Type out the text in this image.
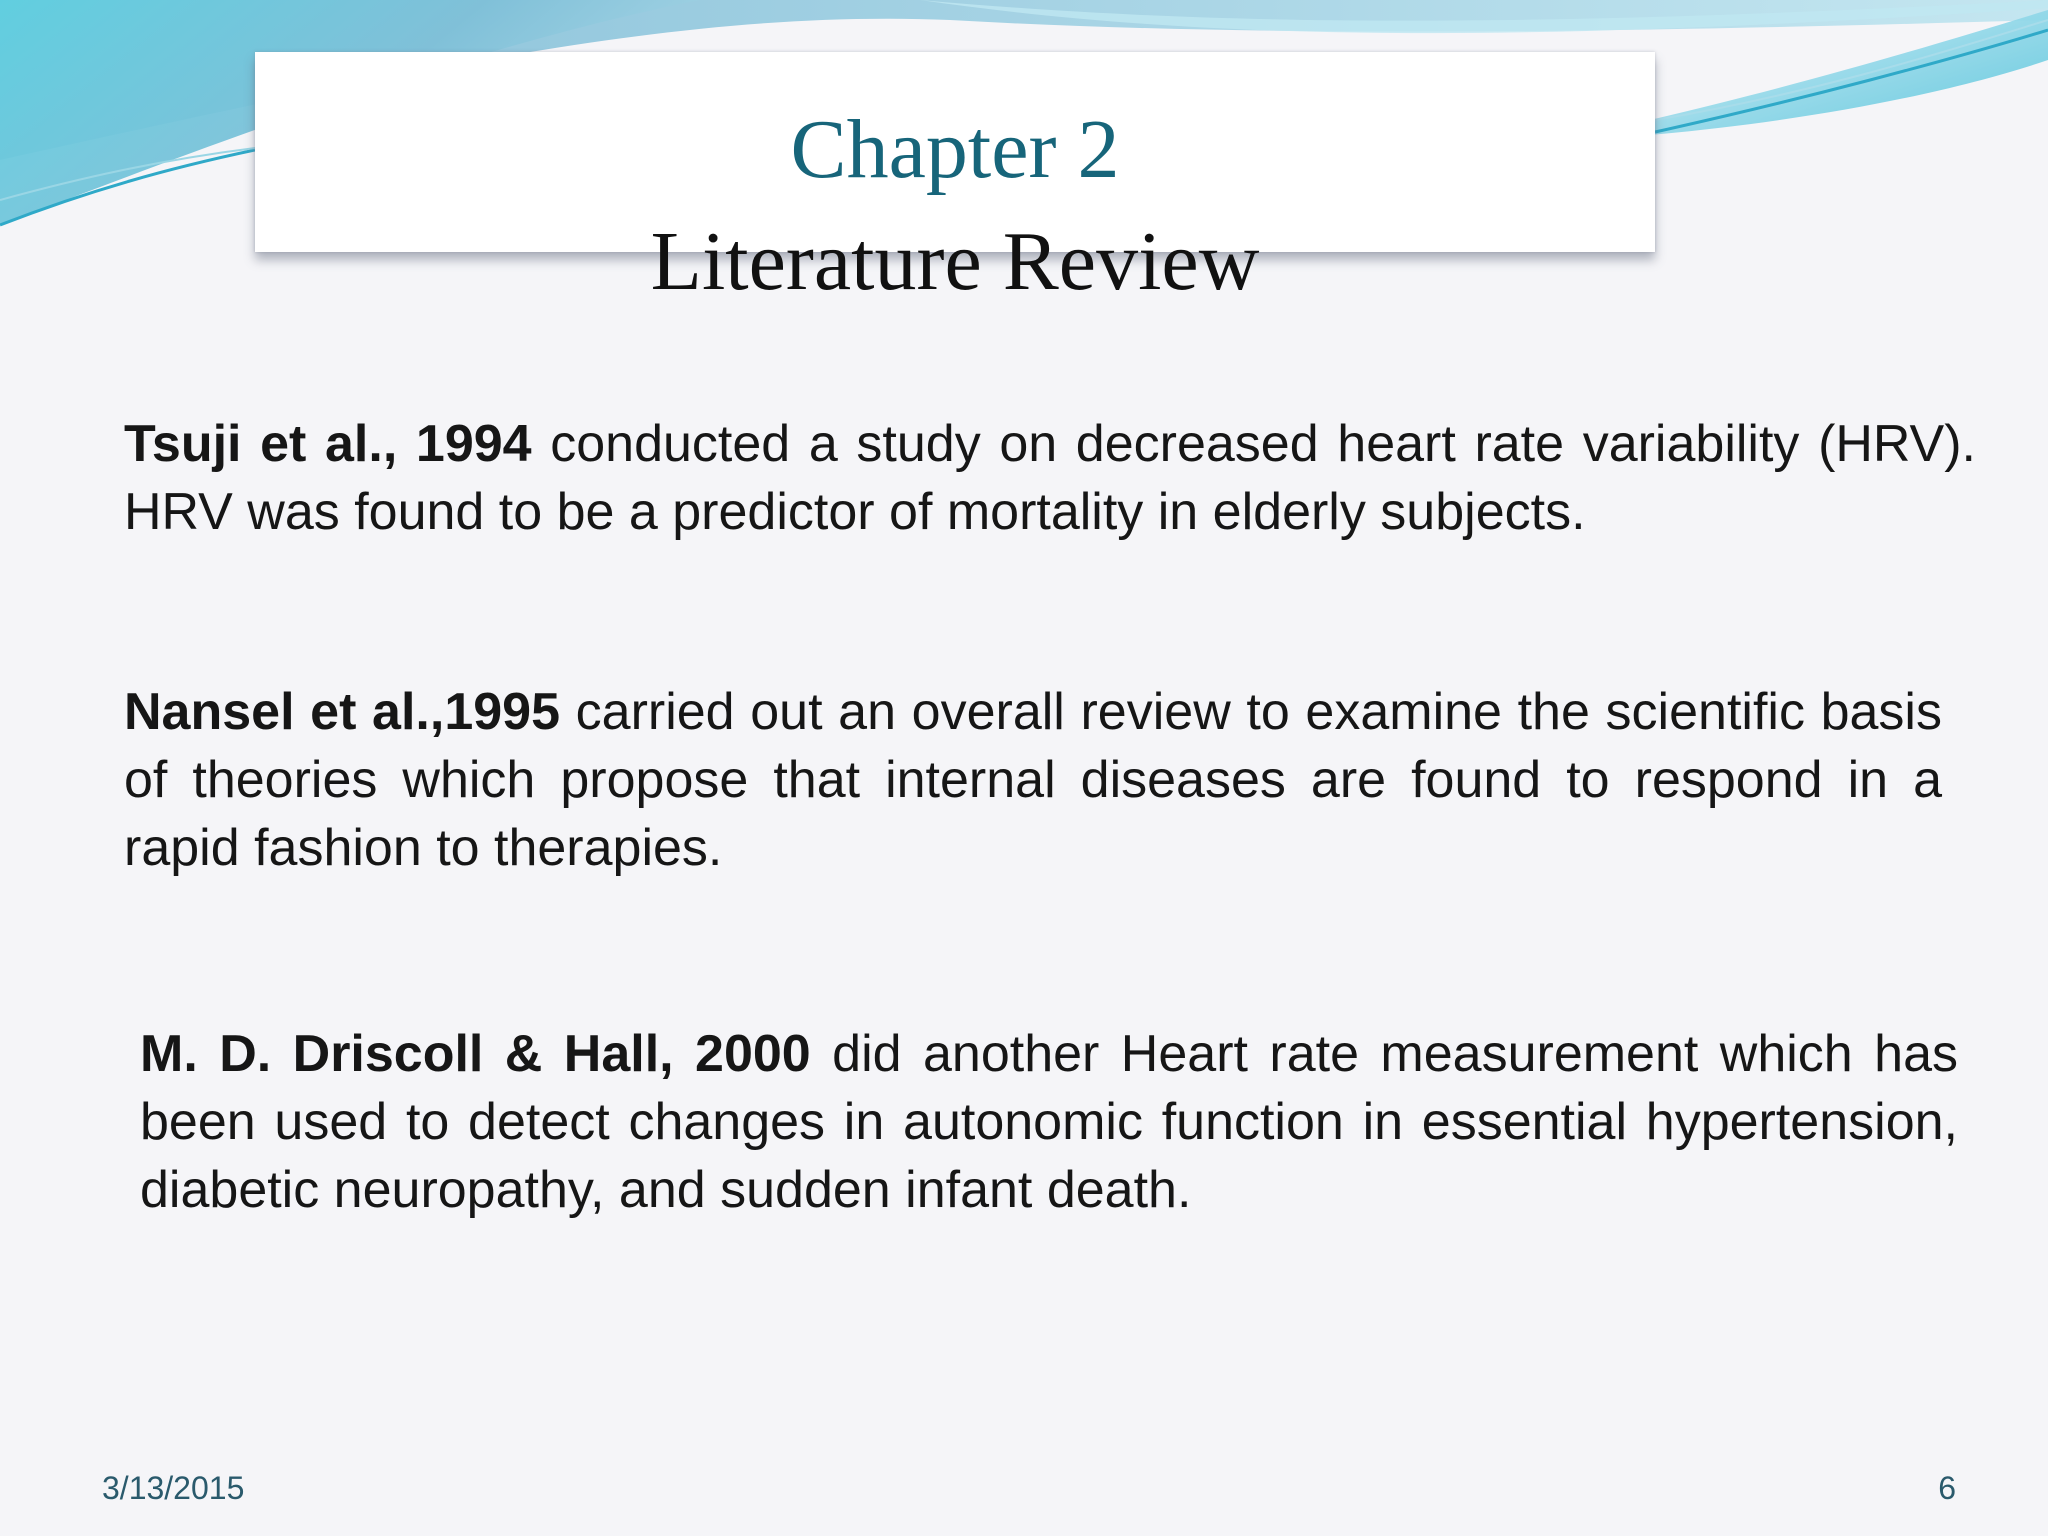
Chapter 2
Literature Review
Tsuji et al., 1994 conducted a study on decreased heart rate variability (HRV). HRV was found to be a predictor of mortality in elderly subjects.
Nansel et al.,1995 carried out an overall review to examine the scientific basis of theories which propose that internal diseases are found to respond in a rapid fashion to therapies.
M. D. Driscoll & Hall, 2000 did another Heart rate measurement which has been used to detect changes in autonomic function in essential hypertension, diabetic neuropathy, and sudden infant death.
3/13/2015	6
